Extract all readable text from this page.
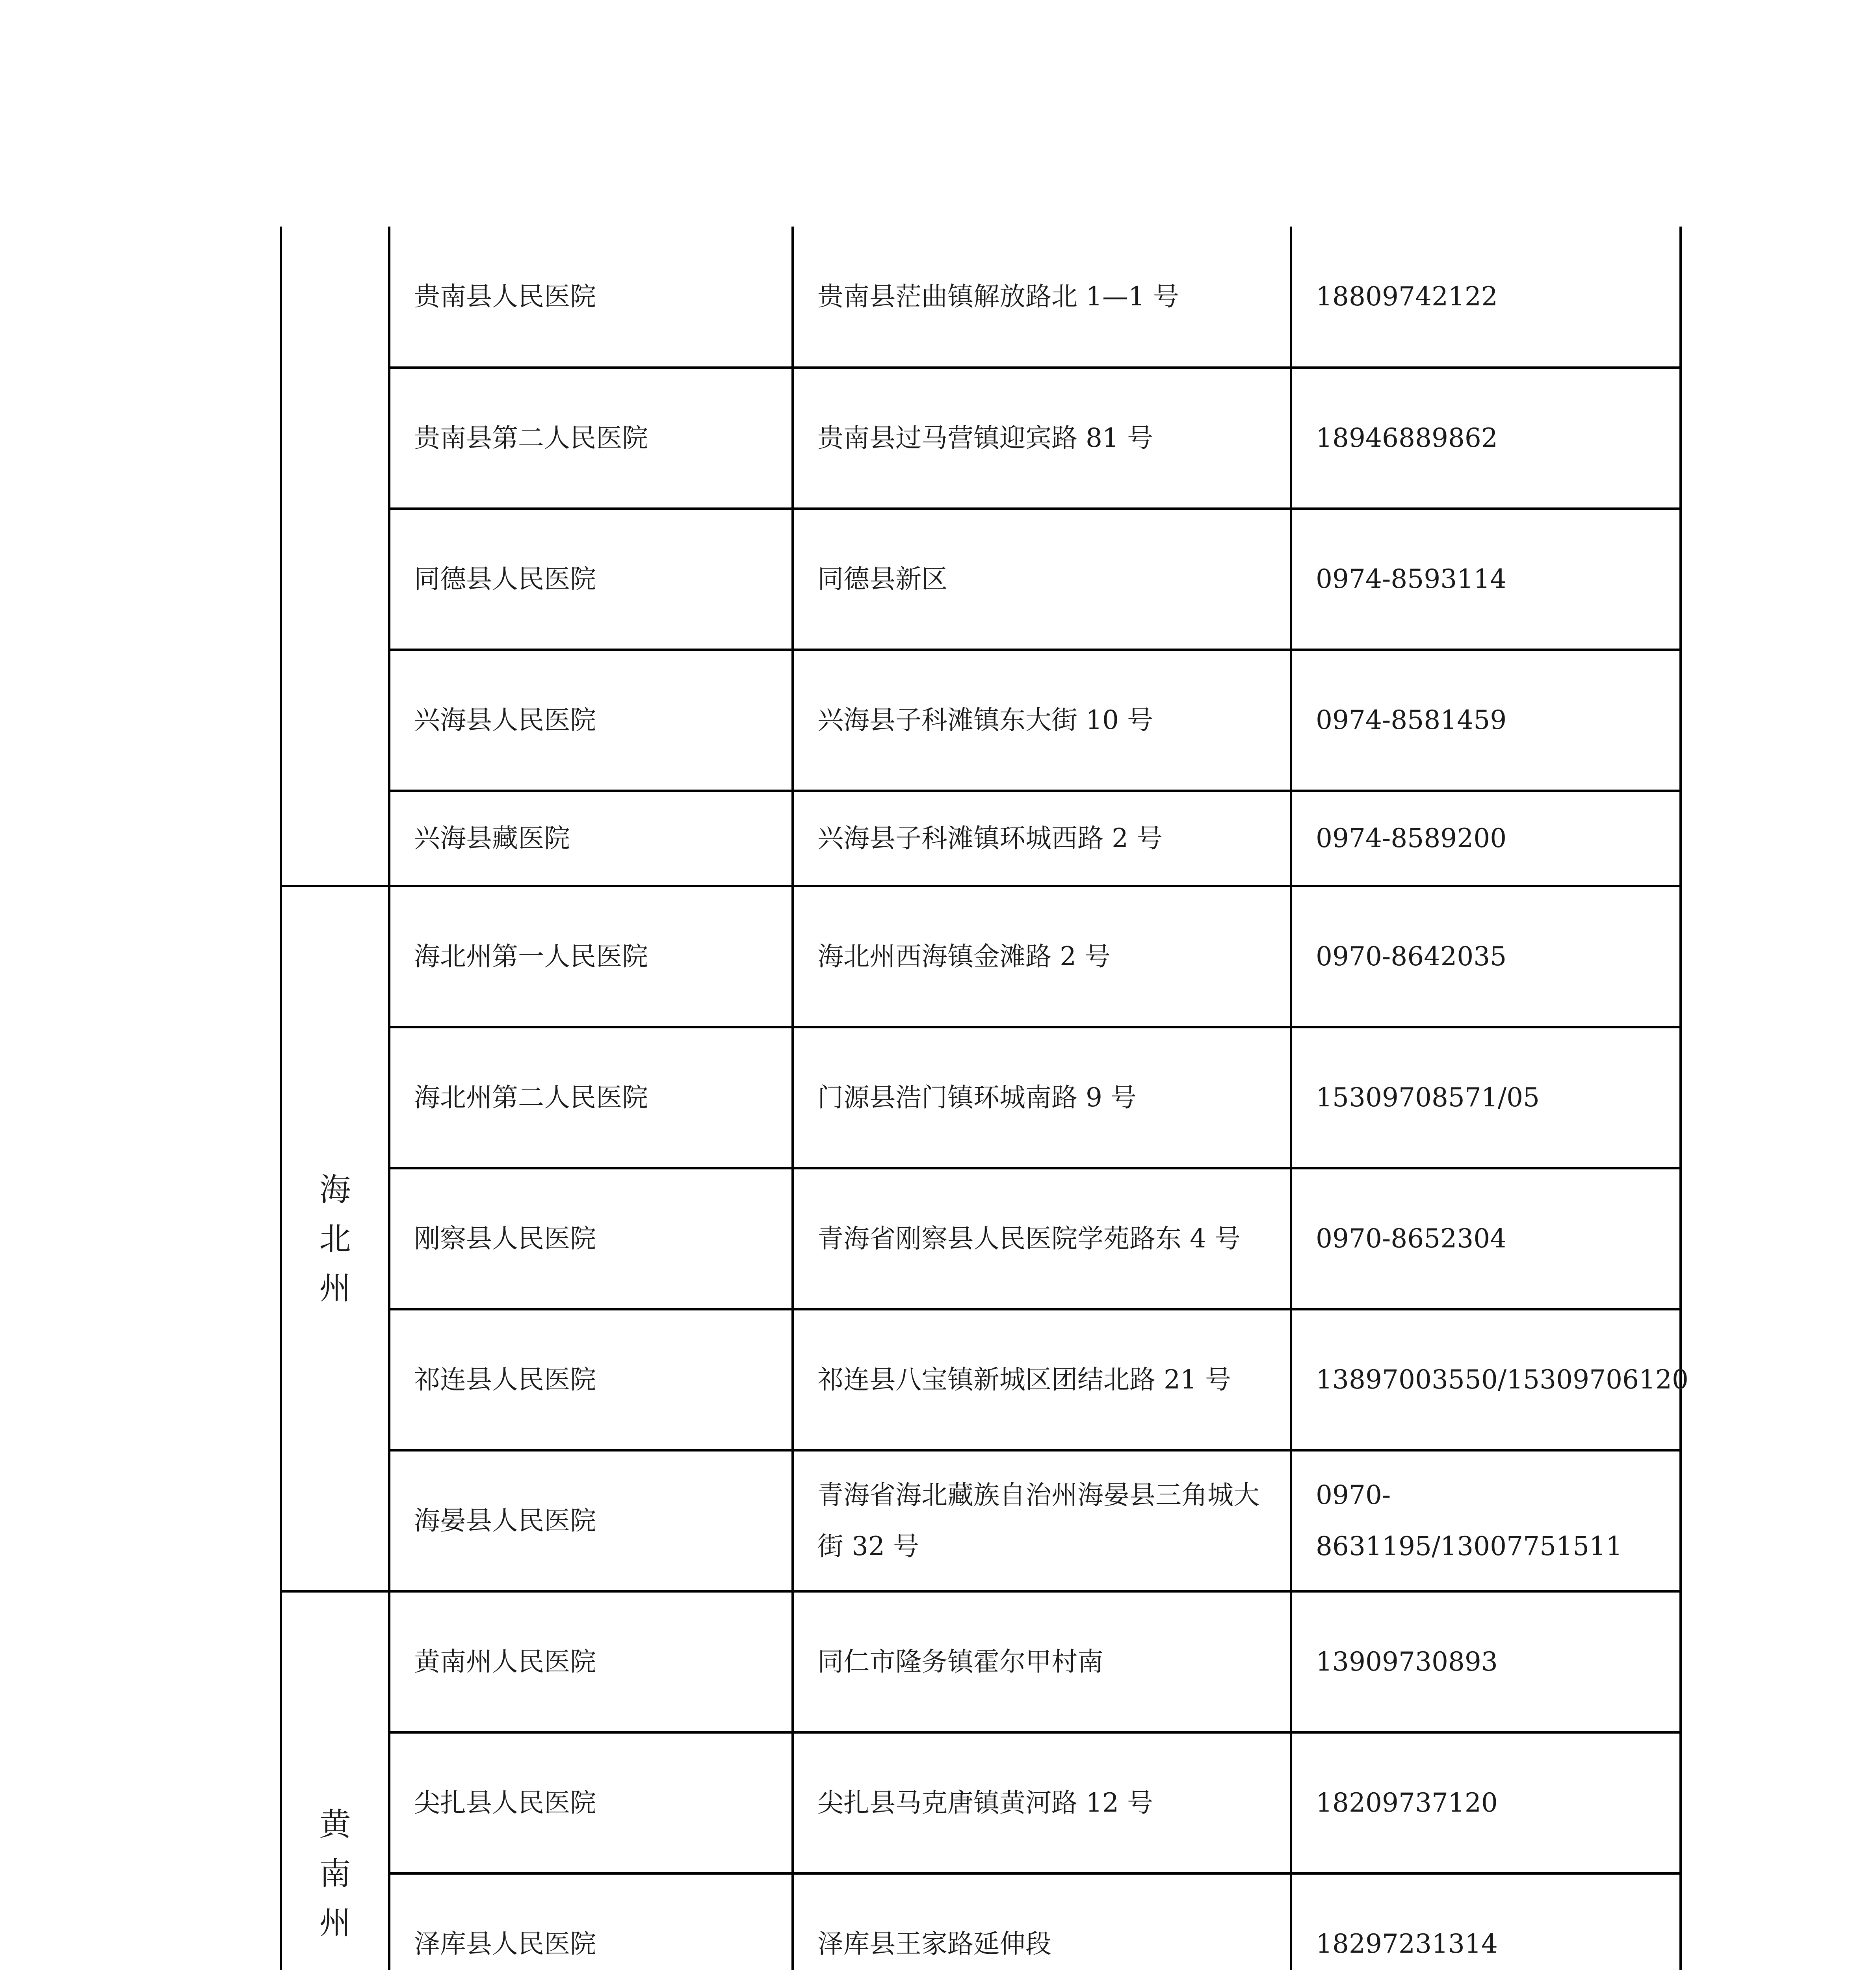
	贵南县人民医院	贵南县茫曲镇解放路北 1—1 号	18809742122
	贵南县第二人民医院	贵南县过马营镇迎宾路 81 号	18946889862
	同德县人民医院	同德县新区	0974-8593114
	兴海县人民医院	兴海县子科滩镇东大街 10 号	0974-8581459
	兴海县藏医院	兴海县子科滩镇环城西路 2 号	0974-8589200
海北州	海北州第一人民医院	海北州西海镇金滩路 2 号	0970-8642035
	海北州第二人民医院	门源县浩门镇环城南路 9 号	15309708571/05
	刚察县人民医院	青海省刚察县人民医院学苑路东 4 号	0970-8652304
	祁连县人民医院	祁连县八宝镇新城区团结北路 21 号	13897003550/15309706120
	海晏县人民医院	青海省海北藏族自治州海晏县三角城大街 32 号	0970-8631195/13007751511
黄南州	黄南州人民医院	同仁市隆务镇霍尔甲村南	13909730893
	尖扎县人民医院	尖扎县马克唐镇黄河路 12 号	18209737120
	泽库县人民医院	泽库县王家路延伸段	18297231314
